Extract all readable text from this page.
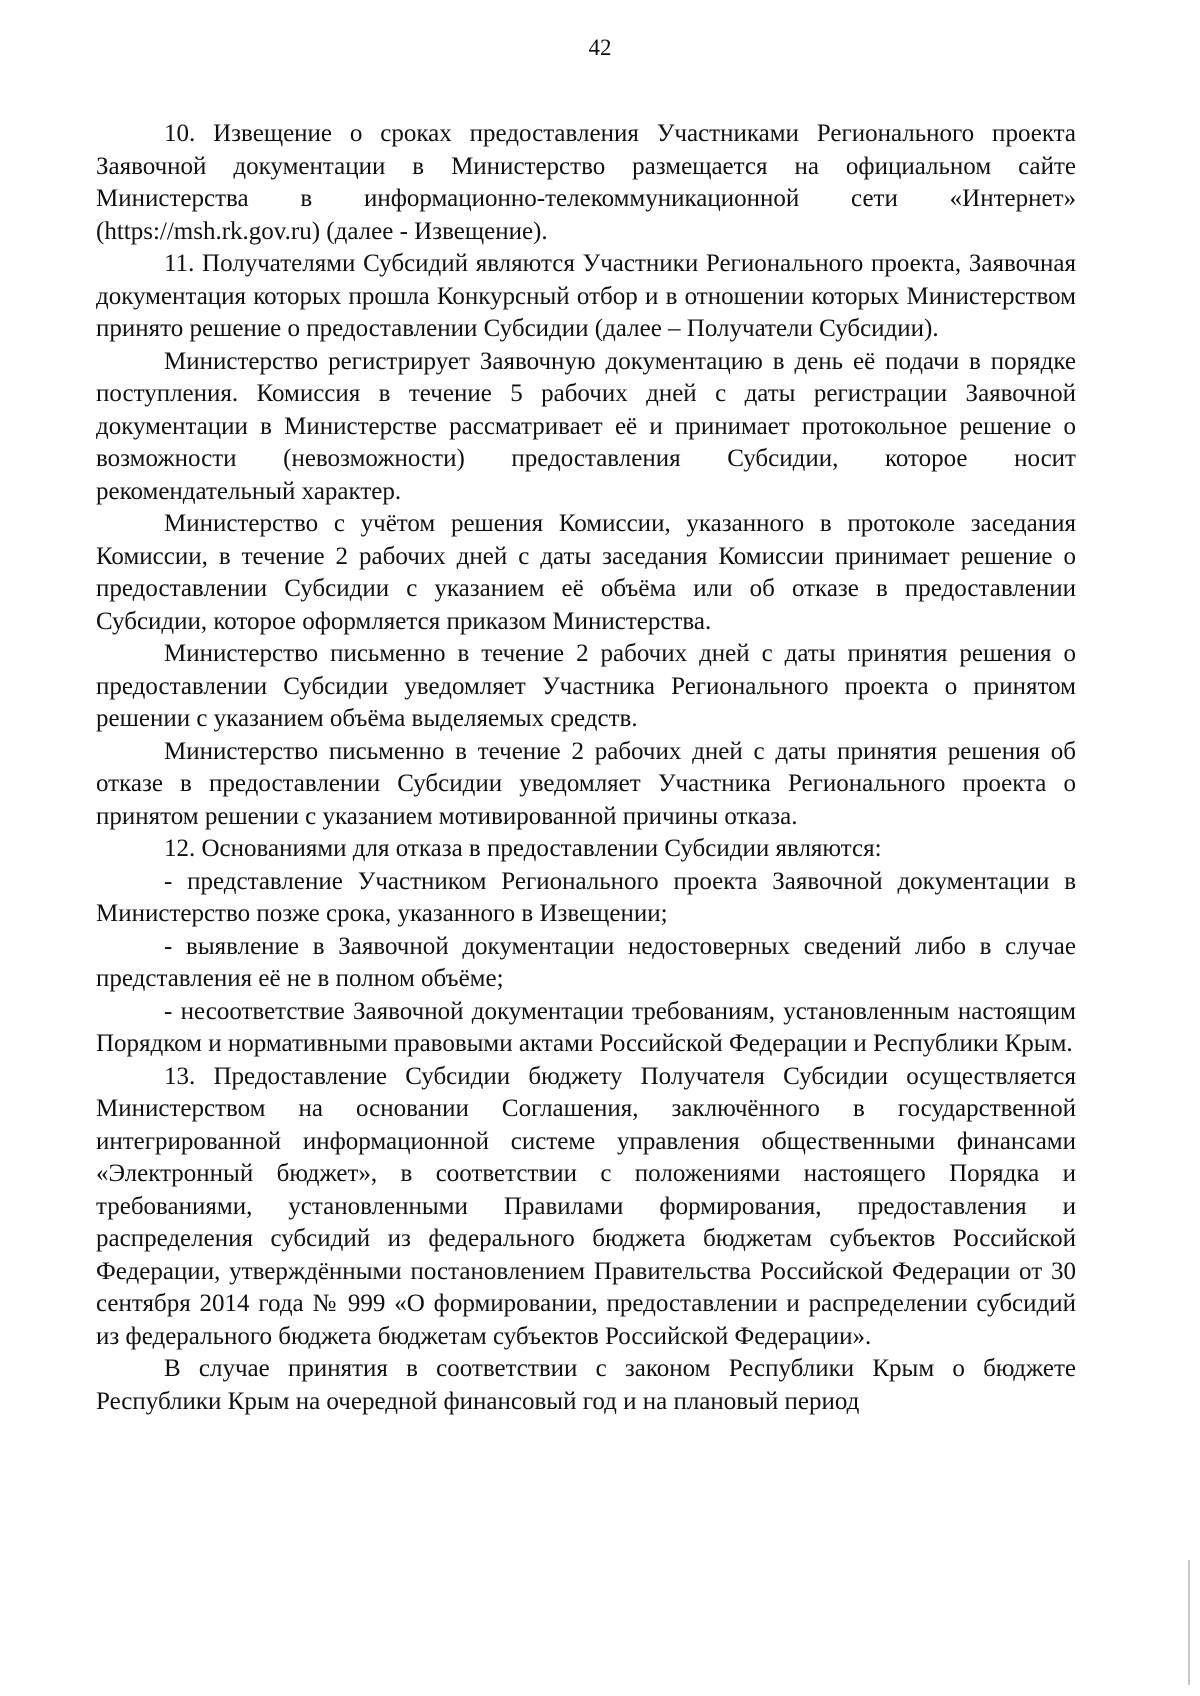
42

10. Извещение о сроках предоставления Участниками Регионального проекта Заявочной документации в Министерство размещается на официальном сайте Министерства в информационно-телекоммуникационной сети «Интернет» (https://msh.rk.gov.ru) (далее - Извещение).

11. Получателями Субсидий являются Участники Регионального проекта, Заявочная документация которых прошла Конкурсный отбор и в отношении которых Министерством принято решение о предоставлении Субсидии (далее – Получатели Субсидии).

Министерство регистрирует Заявочную документацию в день её подачи в порядке поступления. Комиссия в течение 5 рабочих дней с даты регистрации Заявочной документации в Министерстве рассматривает её и принимает протокольное решение о возможности (невозможности) предоставления Субсидии, которое носит рекомендательный характер.

Министерство с учётом решения Комиссии, указанного в протоколе заседания Комиссии, в течение 2 рабочих дней с даты заседания Комиссии принимает решение о предоставлении Субсидии с указанием её объёма или об отказе в предоставлении Субсидии, которое оформляется приказом Министерства.

Министерство письменно в течение 2 рабочих дней с даты принятия решения о предоставлении Субсидии уведомляет Участника Регионального проекта о принятом решении с указанием объёма выделяемых средств.

Министерство письменно в течение 2 рабочих дней с даты принятия решения об отказе в предоставлении Субсидии уведомляет Участника Регионального проекта о принятом решении с указанием мотивированной причины отказа.

12. Основаниями для отказа в предоставлении Субсидии являются:

- представление Участником Регионального проекта Заявочной документации в Министерство позже срока, указанного в Извещении;

- выявление в Заявочной документации недостоверных сведений либо в случае представления её не в полном объёме;

- несоответствие Заявочной документации требованиям, установленным настоящим Порядком и нормативными правовыми актами Российской Федерации и Республики Крым.

13. Предоставление Субсидии бюджету Получателя Субсидии осуществляется Министерством на основании Соглашения, заключённого в государственной интегрированной информационной системе управления общественными финансами «Электронный бюджет», в соответствии с положениями настоящего Порядка и требованиями, установленными Правилами формирования, предоставления и распределения субсидий из федерального бюджета бюджетам субъектов Российской Федерации, утверждёнными постановлением Правительства Российской Федерации от 30 сентября 2014 года № 999 «О формировании, предоставлении и распределении субсидий из федерального бюджета бюджетам субъектов Российской Федерации».

В случае принятия в соответствии с законом Республики Крым о бюджете Республики Крым на очередной финансовый год и на плановый период
